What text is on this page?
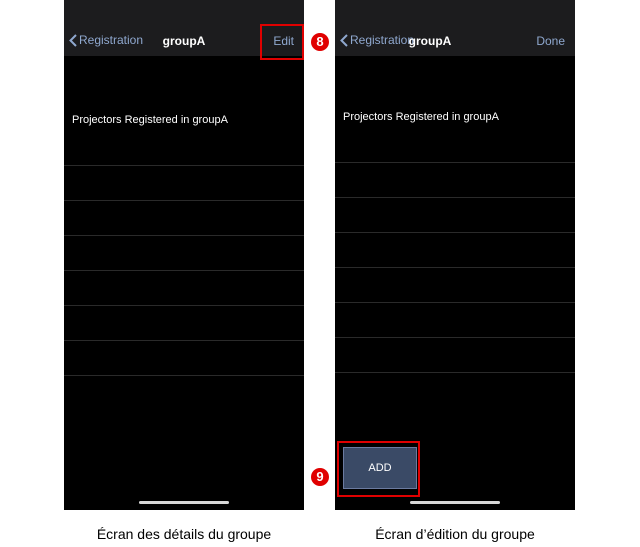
Registration	groupA	Edit
Projectors Registered in groupA
Registration
groupA	Done
Projectors Registered in groupA
ADD
8
9
Écran des détails du groupe	Écran d’édition du groupe
